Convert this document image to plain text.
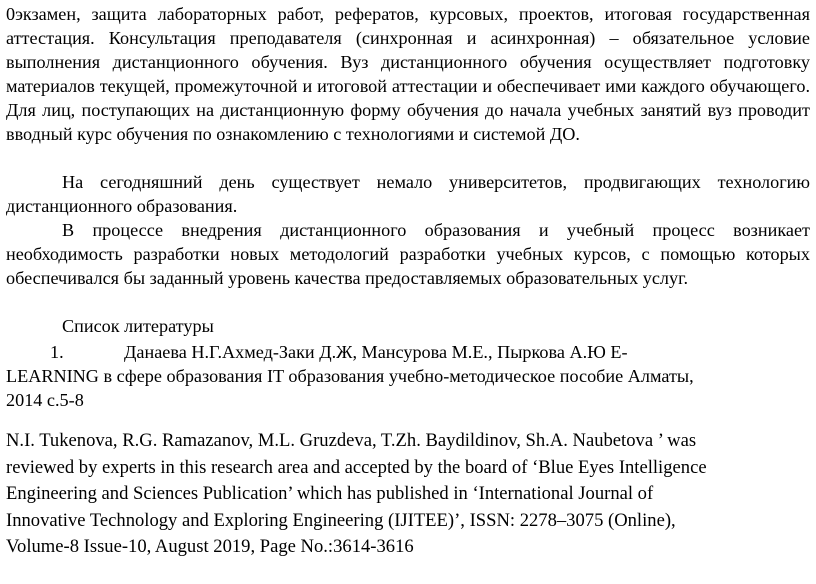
0экзамен, защита лабораторных работ, рефератов, курсовых, проектов, итоговая государственная аттестация. Консультация преподавателя (синхронная и асинхронная) – обязательное условие выполнения дистанционного обучения. Вуз дистанционного обучения осуществляет подготовку материалов текущей, промежуточной и итоговой аттестации и обеспечивает ими каждого обучающего. Для лиц, поступающих на дистанционную форму обучения до начала учебных занятий вуз проводит вводный курс обучения по ознакомлению с технологиями и системой ДО.

На сегодняшний день существует немало университетов, продвигающих технологию дистанционного образования.

В процессе внедрения дистанционного образования и учебный процесс возникает необходимость разработки новых методологий разработки учебных курсов, с помощью которых обеспечивался бы заданный уровень качества предоставляемых образовательных услуг.

Список литературы
1.	Данаева Н.Г.Ахмед-Заки Д.Ж, Мансурова М.Е., Пыркова А.Ю E-
LEARNING в сфере образования IT образования учебно-методическое пособие Алматы,
2014 с.5-8
N.I. Tukenova, R.G. Ramazanov, M.L. Gruzdeva, T.Zh. Baydildinov, Sh.A. Naubetova ’ was
reviewed by experts in this research area and accepted by the board of ‘Blue Eyes Intelligence
Engineering and Sciences Publication’ which has published in ‘International Journal of
Innovative Technology and Exploring Engineering (IJITEE)’, ISSN: 2278–3075 (Online),
Volume-8 Issue-10, August 2019, Page No.:3614-3616
